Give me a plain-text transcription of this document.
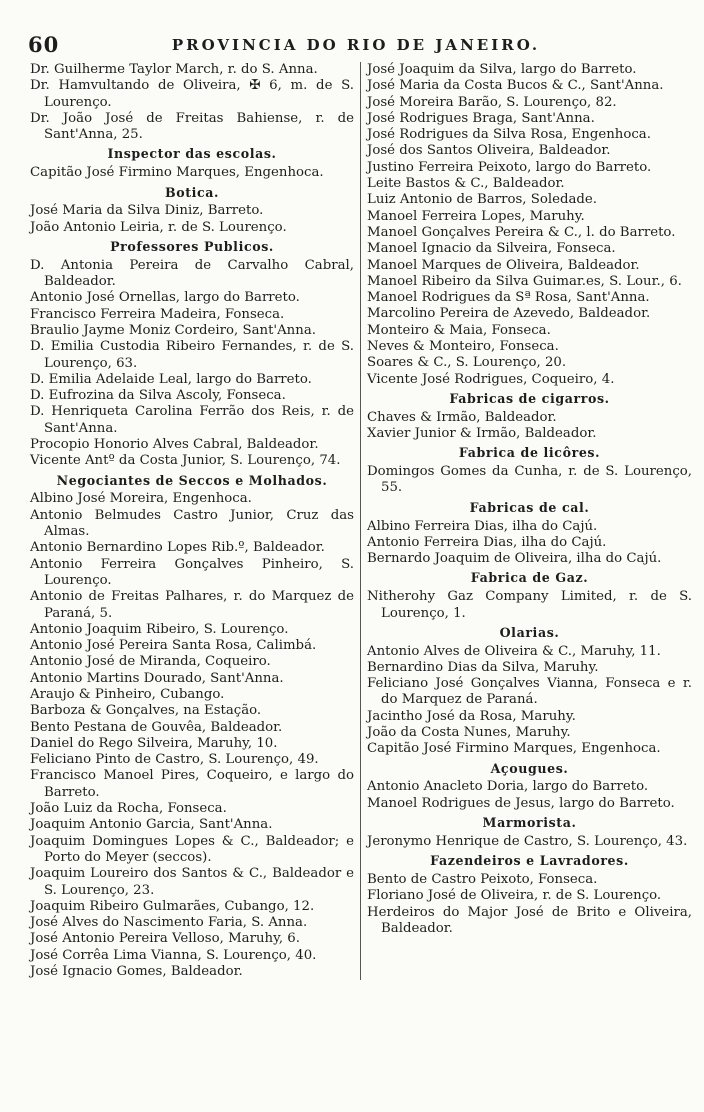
60	PROVINCIA DO RIO DE JANEIRO.
Dr. Guilherme Taylor March, r. do S. Anna.
Dr. Hamvultando de Oliveira, ✠ 6, m. de S. Lourenço.
Dr. João José de Freitas Bahiense, r. de Sant'Anna, 25.
Inspector das escolas.
Capitão José Firmino Marques, Engenhoca.
Botica.
José Maria da Silva Diniz, Barreto.
João Antonio Leiria, r. de S. Lourenço.
Professores Publicos.
D. Antonia Pereira de Carvalho Cabral, Baldeador.
Antonio José Ornellas, largo do Barreto.
Francisco Ferreira Madeira, Fonseca.
Braulio Jayme Moniz Cordeiro, Sant'Anna.
D. Emilia Custodia Ribeiro Fernandes, r. de S. Lourenço, 63.
D. Emilia Adelaide Leal, largo do Barreto.
D. Eufrozina da Silva Ascoly, Fonseca.
D. Henriqueta Carolina Ferrão dos Reis, r. de Sant'Anna.
Procopio Honorio Alves Cabral, Baldeador.
Vicente Antº da Costa Junior, S. Lourenço, 74.
Negociantes de Seccos e Molhados.
Albino José Moreira, Engenhoca.
Antonio Belmudes Castro Junior, Cruz das Almas.
Antonio Bernardino Lopes Rib.º, Baldeador.
Antonio Ferreira Gonçalves Pinheiro, S. Lourenço.
Antonio de Freitas Palhares, r. do Marquez de Paraná, 5.
Antonio Joaquim Ribeiro, S. Lourenço.
Antonio José Pereira Santa Rosa, Calimbá.
Antonio José de Miranda, Coqueiro.
Antonio Martins Dourado, Sant'Anna.
Araujo & Pinheiro, Cubango.
Barboza & Gonçalves, na Estação.
Bento Pestana de Gouvêa, Baldeador.
Daniel do Rego Silveira, Maruhy, 10.
Feliciano Pinto de Castro, S. Lourenço, 49.
Francisco Manoel Pires, Coqueiro, e largo do Barreto.
João Luiz da Rocha, Fonseca.
Joaquim Antonio Garcia, Sant'Anna.
Joaquim Domingues Lopes & C., Baldeador; e Porto do Meyer (seccos).
Joaquim Loureiro dos Santos & C., Baldeador e S. Lourenço, 23.
Joaquim Ribeiro Gulmarães, Cubango, 12.
José Alves do Nascimento Faria, S. Anna.
José Antonio Pereira Velloso, Maruhy, 6.
José Corrêa Lima Vianna, S. Lourenço, 40.
José Ignacio Gomes, Baldeador.
José Joaquim da Silva, largo do Barreto.
José Maria da Costa Bucos & C., Sant'Anna.
José Moreira Barão, S. Lourenço, 82.
José Rodrigues Braga, Sant'Anna.
José Rodrigues da Silva Rosa, Engenhoca.
José dos Santos Oliveira, Baldeador.
Justino Ferreira Peixoto, largo do Barreto.
Leite Bastos & C., Baldeador.
Luiz Antonio de Barros, Soledade.
Manoel Ferreira Lopes, Maruhy.
Manoel Gonçalves Pereira & C., l. do Barreto.
Manoel Ignacio da Silveira, Fonseca.
Manoel Marques de Oliveira, Baldeador.
Manoel Ribeiro da Silva Guimar.es, S. Lour., 6.
Manoel Rodrigues da Sª Rosa, Sant'Anna.
Marcolino Pereira de Azevedo, Baldeador.
Monteiro & Maia, Fonseca.
Neves & Monteiro, Fonseca.
Soares & C., S. Lourenço, 20.
Vicente José Rodrigues, Coqueiro, 4.
Fabricas de cigarros.
Chaves & Irmão, Baldeador.
Xavier Junior & Irmão, Baldeador.
Fabrica de licôres.
Domingos Gomes da Cunha, r. de S. Lourenço, 55.
Fabricas de cal.
Albino Ferreira Dias, ilha do Cajú.
Antonio Ferreira Dias, ilha do Cajú.
Bernardo Joaquim de Oliveira, ilha do Cajú.
Fabrica de Gaz.
Nitherohy Gaz Company Limited, r. de S. Lourenço, 1.
Olarias.
Antonio Alves de Oliveira & C., Maruhy, 11.
Bernardino Dias da Silva, Maruhy.
Feliciano José Gonçalves Vianna, Fonseca e r. do Marquez de Paraná.
Jacintho José da Rosa, Maruhy.
João da Costa Nunes, Maruhy.
Capitão José Firmino Marques, Engenhoca.
Açougues.
Antonio Anacleto Doria, largo do Barreto.
Manoel Rodrigues de Jesus, largo do Barreto.
Marmorista.
Jeronymo Henrique de Castro, S. Lourenço, 43.
Fazendeiros e Lavradores.
Bento de Castro Peixoto, Fonseca.
Floriano José de Oliveira, r. de S. Lourenço.
Herdeiros do Major José de Brito e Oliveira, Baldeador.
